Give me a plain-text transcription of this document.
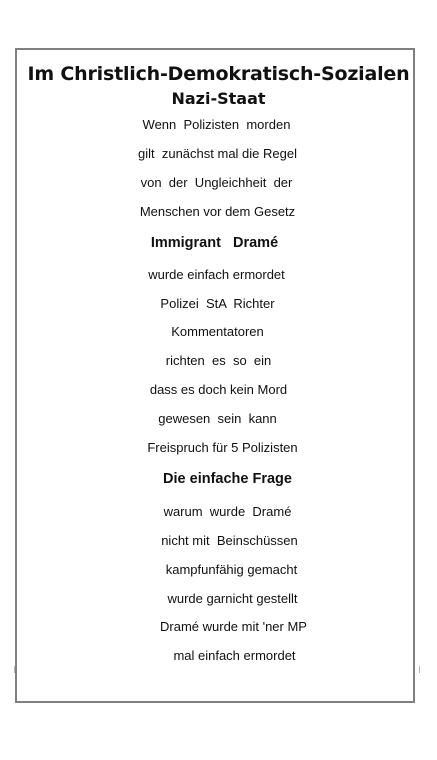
Im Christlich-Demokratisch-Sozialen
Nazi-Staat
Wenn  Polizisten  morden
gilt  zunächst mal die Regel
von  der  Ungleichheit  der
Menschen vor dem Gesetz
Immigrant   Dramé
wurde einfach ermordet
Polizei  StA  Richter
Kommentatoren
richten  es  so  ein
dass es doch kein Mord
gewesen  sein  kann
Freispruch für 5 Polizisten
Die einfache Frage
warum  wurde  Dramé
nicht mit  Beinschüssen
kampfunfähig gemacht
wurde garnicht gestellt
Dramé wurde mit 'ner MP
mal einfach ermordet
